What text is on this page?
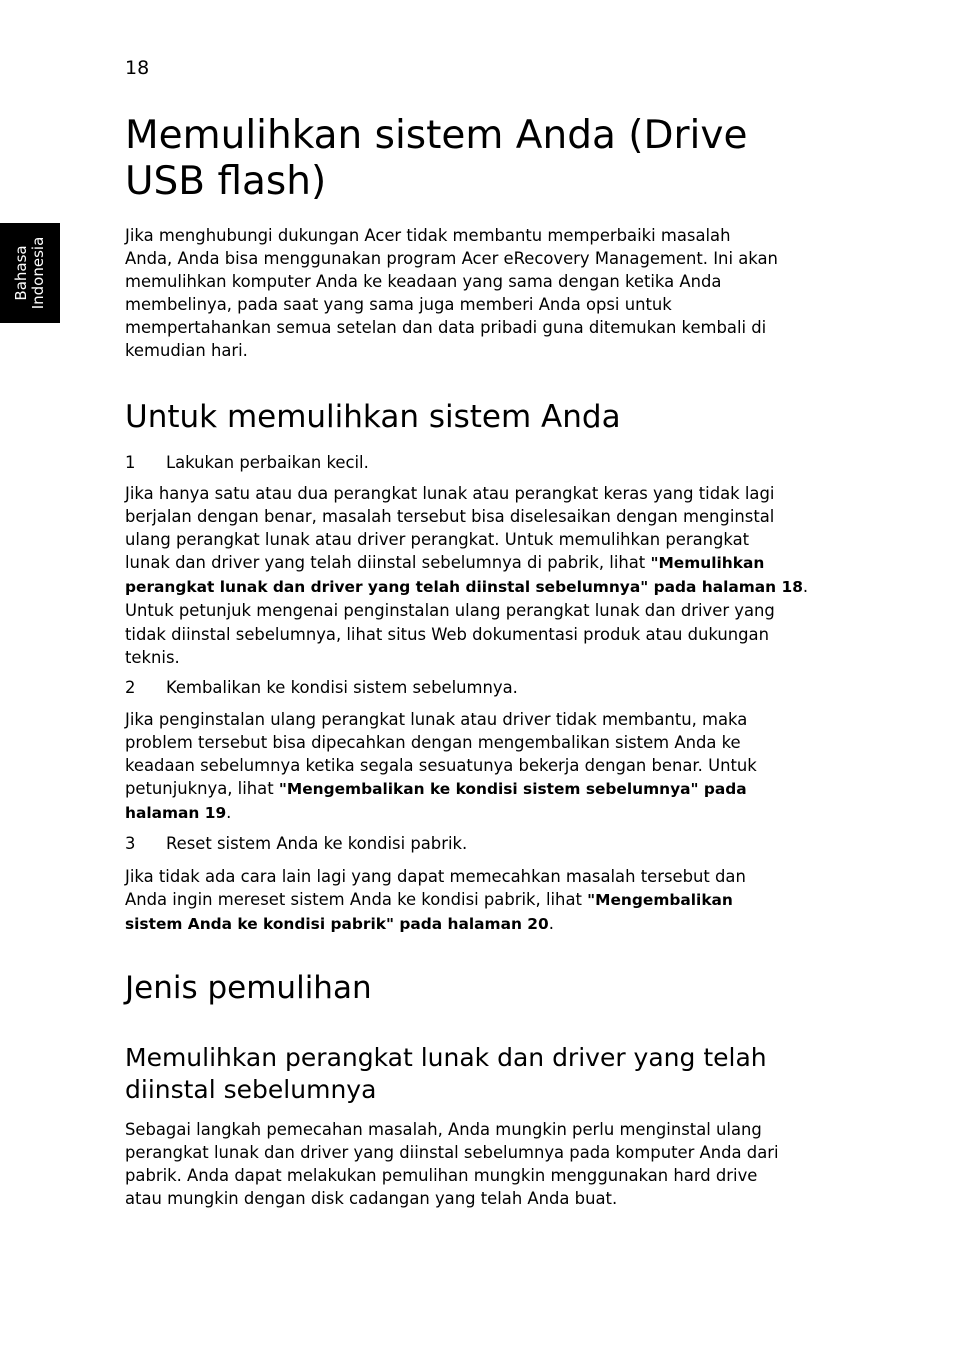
18
Bahasa Indonesia
Memulihkan sistem Anda (Drive USB flash)

Jika menghubungi dukungan Acer tidak membantu memperbaiki masalah
Anda, Anda bisa menggunakan program Acer eRecovery Management. Ini akan
memulihkan komputer Anda ke keadaan yang sama dengan ketika Anda
membelinya, pada saat yang sama juga memberi Anda opsi untuk
mempertahankan semua setelan dan data pribadi guna ditemukan kembali di
kemudian hari.

Untuk memulihkan sistem Anda
1 Lakukan perbaikan kecil.

Jika hanya satu atau dua perangkat lunak atau perangkat keras yang tidak lagi
berjalan dengan benar, masalah tersebut bisa diselesaikan dengan menginstal
ulang perangkat lunak atau driver perangkat. Untuk memulihkan perangkat
lunak dan driver yang telah diinstal sebelumnya di pabrik, lihat "Memulihkan
perangkat lunak dan driver yang telah diinstal sebelumnya" pada halaman 18.
Untuk petunjuk mengenai penginstalan ulang perangkat lunak dan driver yang
tidak diinstal sebelumnya, lihat situs Web dokumentasi produk atau dukungan
teknis.

2 Kembalikan ke kondisi sistem sebelumnya.

Jika penginstalan ulang perangkat lunak atau driver tidak membantu, maka
problem tersebut bisa dipecahkan dengan mengembalikan sistem Anda ke
keadaan sebelumnya ketika segala sesuatunya bekerja dengan benar. Untuk
petunjuknya, lihat "Mengembalikan ke kondisi sistem sebelumnya" pada
halaman 19.

3 Reset sistem Anda ke kondisi pabrik.

Jika tidak ada cara lain lagi yang dapat memecahkan masalah tersebut dan
Anda ingin mereset sistem Anda ke kondisi pabrik, lihat "Mengembalikan
sistem Anda ke kondisi pabrik" pada halaman 20.

Jenis pemulihan
Memulihkan perangkat lunak dan driver yang telah diinstal sebelumnya

Sebagai langkah pemecahan masalah, Anda mungkin perlu menginstal ulang
perangkat lunak dan driver yang diinstal sebelumnya pada komputer Anda dari
pabrik. Anda dapat melakukan pemulihan mungkin menggunakan hard drive
atau mungkin dengan disk cadangan yang telah Anda buat.
